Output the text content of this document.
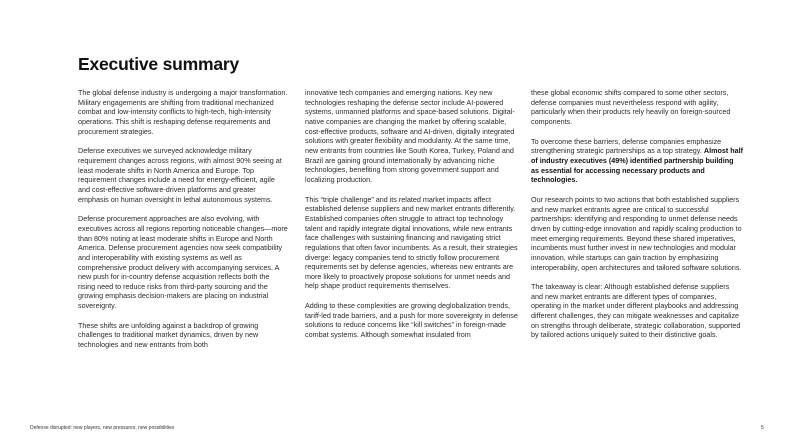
Executive summary

The global defense industry is undergoing a major transformation. Military engagements are shifting from traditional mechanized combat and low-intensity conflicts to high-tech, high-intensity operations. This shift is reshaping defense requirements and procurement strategies.

Defense executives we surveyed acknowledge military requirement changes across regions, with almost 90% seeing at least moderate shifts in North America and Europe. Top requirement changes include a need for energy-efficient, agile and cost-effective software-driven platforms and greater emphasis on human oversight in lethal autonomous systems.

Defense procurement approaches are also evolving, with executives across all regions reporting noticeable changes—more than 80% noting at least moderate shifts in Europe and North America. Defense procurement agencies now seek compatibility and interoperability with existing systems as well as comprehensive product delivery with accompanying services. A new push for in-country defense acquisition reflects both the rising need to reduce risks from third-party sourcing and the growing emphasis decision-makers are placing on industrial sovereignty.

These shifts are unfolding against a backdrop of growing challenges to traditional market dynamics, driven by new technologies and new entrants from both

innovative tech companies and emerging nations. Key new technologies reshaping the defense sector include AI-powered systems, unmanned platforms and space-based solutions. Digital-native companies are changing the market by offering scalable, cost-effective products, software and AI-driven, digitally integrated solutions with greater flexibility and modularity. At the same time, new entrants from countries like South Korea, Turkey, Poland and Brazil are gaining ground internationally by advancing niche technologies, benefiting from strong government support and localizing production.

This “triple challenge” and its related market impacts affect established defense suppliers and new market entrants differently. Established companies often struggle to attract top technology talent and rapidly integrate digital innovations, while new entrants face challenges with sustaining financing and navigating strict regulations that often favor incumbents. As a result, their strategies diverge: legacy companies tend to strictly follow procurement requirements set by defense agencies, whereas new entrants are more likely to proactively propose solutions for unmet needs and help shape product requirements themselves.

Adding to these complexities are growing deglobalization trends, tariff-led trade barriers, and a push for more sovereignty in defense solutions to reduce concerns like “kill switches” in foreign-made combat systems. Although somewhat insulated from

these global economic shifts compared to some other sectors, defense companies must nevertheless respond with agility, particularly when their products rely heavily on foreign-sourced components.

To overcome these barriers, defense companies emphasize strengthening strategic partnerships as a top strategy. Almost half of industry executives (49%) identified partnership building as essential for accessing necessary products and technologies.

Our research points to two actions that both established suppliers and new market entrants agree are critical to successful partnerships: identifying and responding to unmet defense needs driven by cutting-edge innovation and rapidly scaling production to meet emerging requirements. Beyond these shared imperatives, incumbents must further invest in new technologies and modular innovation, while startups can gain traction by emphasizing interoperability, open architectures and tailored software solutions.

The takeaway is clear: Although established defense suppliers and new market entrants are different types of companies, operating in the market under different playbooks and addressing different challenges, they can mitigate weaknesses and capitalize on strengths through deliberate, strategic collaboration, supported by tailored actions uniquely suited to their distinctive goals.

Defense disrupted: new players, new pressures, new possibilities	5
